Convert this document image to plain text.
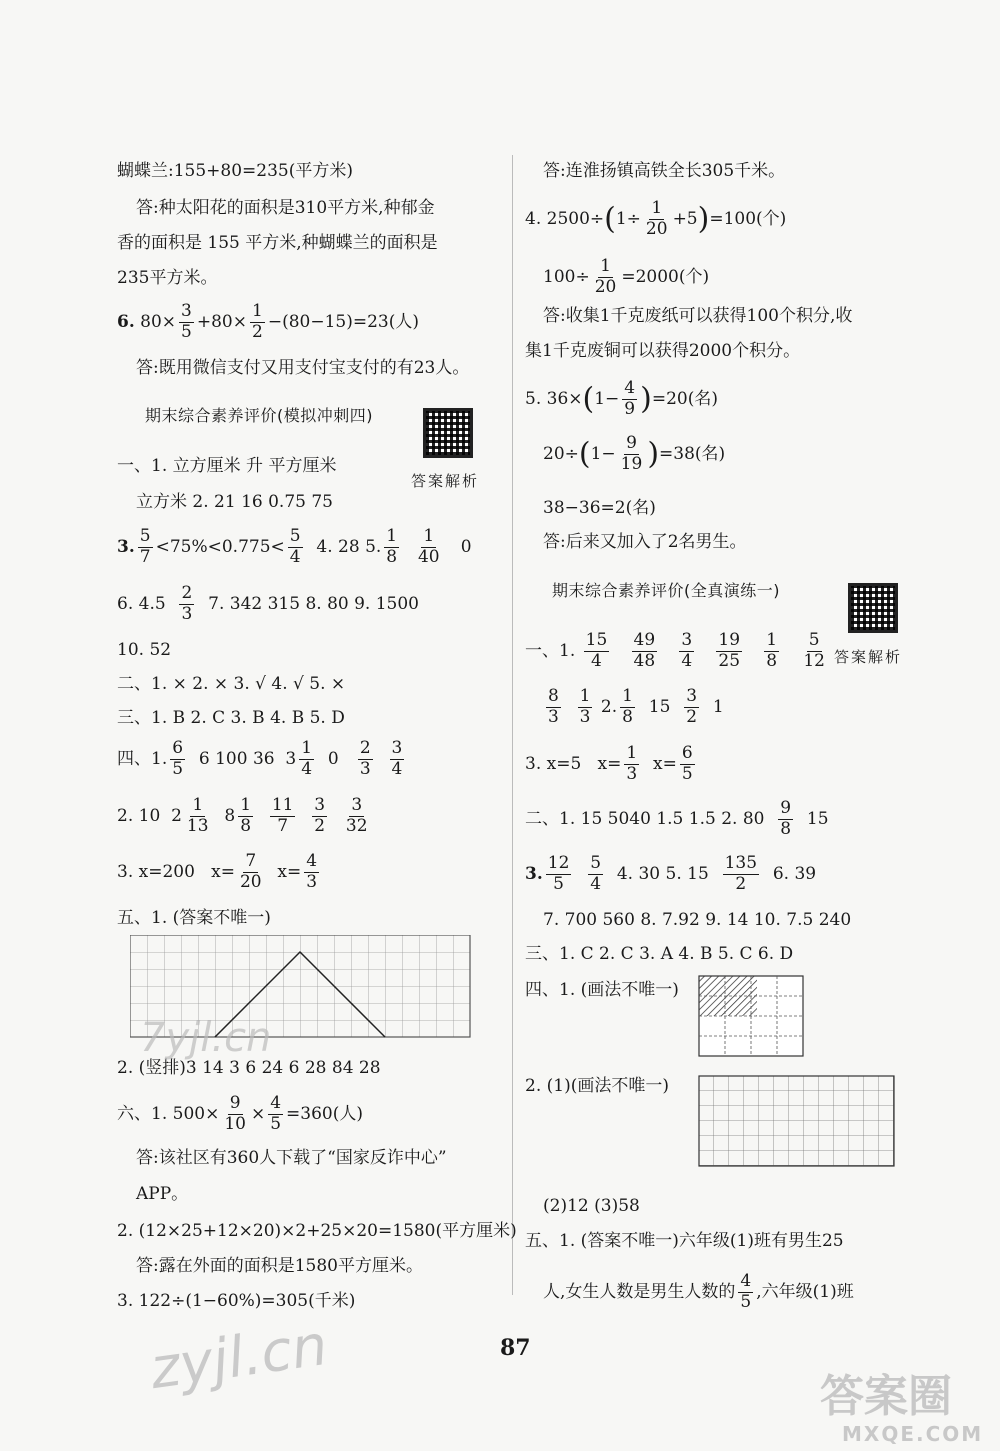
蝴蝶兰:155+80=235(平方米)
答:种太阳花的面积是310平方米,种郁金
香的面积是 155 平方米,种蝴蝶兰的面积是
235平方米。
6. $80\times \frac{3}{5} +80\times \frac{1}{2} -(80-15)=23$(人)
答:既用微信支付又用支付宝支付的有23人。
期末综合素养评价(模拟冲刺四)
答案解析
一、1. 立方厘米 升 平方厘米
立方米 2. 21 16 0.75 75
3. $\frac{5}{7} <75\%<0.775< \frac{5}{4} 4$. 28 5. $\frac{1}{8}$
$\frac{1}{40} 0$
6. $4.5 \frac{2}{3} 7$. 342 315 8. 80 9. 1500
10. 52
二、1. × 2. × 3. √ 4. √ 5. ×
三、1. B 2. C 3. B 4. B 5. D
四、1. $\frac{6}{5} 6$ 100 36 $3 \frac{1}{4} 0 \frac{2}{3}$
$\frac{3}{4}$
2. 10 $2 \frac{1}{13}$
$8 \frac{1}{8}$
$\frac{11}{7}$
$\frac{3}{2}$
$\frac{3}{32}$
3. x=200 $x= \frac{7}{20} x= \frac{4}{3}$
五、1. (答案不唯一)
2. (竖排)3 14 3 6 24 6 28 84 28
六、1. $500\times \frac{9}{10} \times \frac{4}{5} =360$(人)
答:该社区有360人下载了“国家反诈中心”
APP。
2. (12×25+12×20)×2+25×20=1580(平方厘米)
答:露在外面的面积是1580平方厘米。
3. 122÷(1−60%)=305(千米)
答:连淮扬镇高铁全长305千米。
4. $2500\div(1\div \frac{1}{20} +5)=100$(个)
$100\div \frac{1}{20} =2000$(个)
答:收集1千克废纸可以获得100个积分,收
集1千克废铜可以获得2000个积分。
5. $36\times(1- \frac{4}{9} )=20$(名)
$20\div(1- \frac{9}{19} )=38$(名)
38−36=2(名)
答:后来又加入了2名男生。
期末综合素养评价(全真演练一)
答案解析
一、1. $\frac{15}{4}$
$\frac{49}{48}$
$\frac{3}{4}$
$\frac{19}{25}$
$\frac{1}{8}$
$\frac{5}{12}$
$\frac{8}{3}$
$\frac{1}{3} 2$. $\frac{1}{8} 15 \frac{3}{2} 1$
3. x=5 $x= \frac{1}{3} x= \frac{6}{5}$
二、1. 15 5040 1.5 1.5 2. $80 \frac{9}{8} 15$
3. $\frac{12}{5}$
$\frac{5}{4} 4$. 30 5. $15 \frac{135}{2} 6$. 39
7. 700 560 8. 7.92 9. 14 10. 7.5 240
三、1. C 2. C 3. A 4. B 5. C 6. D
四、1. (画法不唯一)
2. (1)(画法不唯一)
(2)12 (3)58
五、1. (答案不唯一)六年级(1)班有男生25
人,女生人数是男生人数的 $\frac{4}{5}$ ,六年级(1)班
87
7yjl.cn
zyjl.cn	答案圈
MXQE.COM
